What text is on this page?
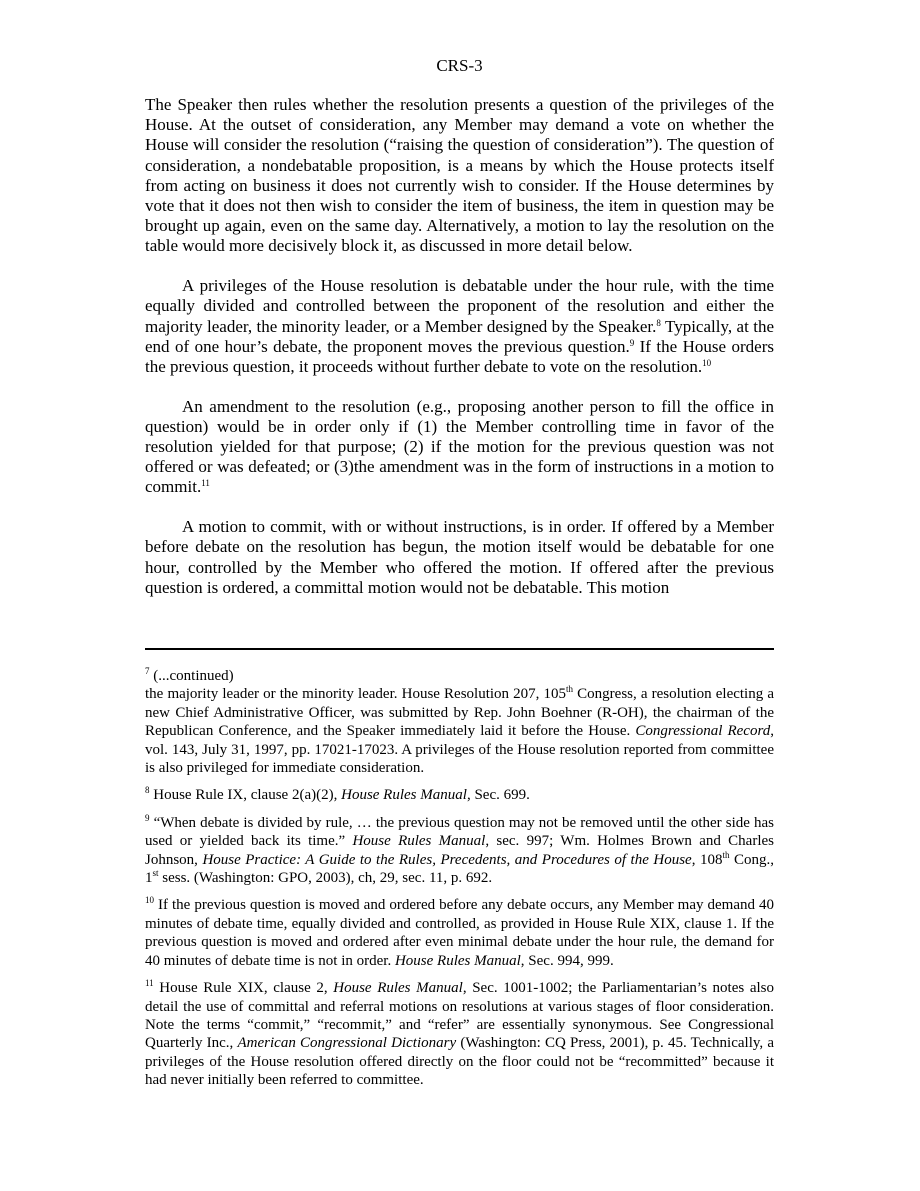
CRS-3

The Speaker then rules whether the resolution presents a question of the privileges of the House. At the outset of consideration, any Member may demand a vote on whether the House will consider the resolution (“raising the question of consideration”). The question of consideration, a nondebatable proposition, is a means by which the House protects itself from acting on business it does not currently wish to consider. If the House determines by vote that it does not then wish to consider the item of business, the item in question may be brought up again, even on the same day. Alternatively, a motion to lay the resolution on the table would more decisively block it, as discussed in more detail below.

A privileges of the House resolution is debatable under the hour rule, with the time equally divided and controlled between the proponent of the resolution and either the majority leader, the minority leader, or a Member designed by the Speaker.$^8$ Typically, at the end of one hour’s debate, the proponent moves the previous question.$^9$ If the House orders the previous question, it proceeds without further debate to vote on the resolution.$^{10}$

An amendment to the resolution (e.g., proposing another person to fill the office in question) would be in order only if (1) the Member controlling time in favor of the resolution yielded for that purpose; (2) if the motion for the previous question was not offered or was defeated; or (3)the amendment was in the form of instructions in a motion to commit.$^{11}$

A motion to commit, with or without instructions, is in order. If offered by a Member before debate on the resolution has begun, the motion itself would be debatable for one hour, controlled by the Member who offered the motion. If offered after the previous question is ordered, a committal motion would not be debatable. This motion

$^7$ (...continued)
the majority leader or the minority leader. House Resolution 207, 105th Congress, a resolution electing a new Chief Administrative Officer, was submitted by Rep. John Boehner (R-OH), the chairman of the Republican Conference, and the Speaker immediately laid it before the House. Congressional Record, vol. 143, July 31, 1997, pp. 17021-17023. A privileges of the House resolution reported from committee is also privileged for immediate consideration.
$^8$ House Rule IX, clause 2(a)(2), House Rules Manual, Sec. 699.
$^9$ “When debate is divided by rule, … the previous question may not be removed until the other side has used or yielded back its time.” House Rules Manual, sec. 997; Wm. Holmes Brown and Charles Johnson, House Practice: A Guide to the Rules, Precedents, and Procedures of the House, 108th Cong., 1st sess. (Washington: GPO, 2003), ch, 29, sec. 11, p. 692.
$^{10}$ If the previous question is moved and ordered before any debate occurs, any Member may demand 40 minutes of debate time, equally divided and controlled, as provided in House Rule XIX, clause 1. If the previous question is moved and ordered after even minimal debate under the hour rule, the demand for 40 minutes of debate time is not in order. House Rules Manual, Sec. 994, 999.
$^{11}$ House Rule XIX, clause 2, House Rules Manual, Sec. 1001-1002; the Parliamentarian’s notes also detail the use of committal and referral motions on resolutions at various stages of floor consideration. Note the terms “commit,” “recommit,” and “refer” are essentially synonymous. See Congressional Quarterly Inc., American Congressional Dictionary (Washington: CQ Press, 2001), p. 45. Technically, a privileges of the House resolution offered directly on the floor could not be “recommitted” because it had never initially been referred to committee.
